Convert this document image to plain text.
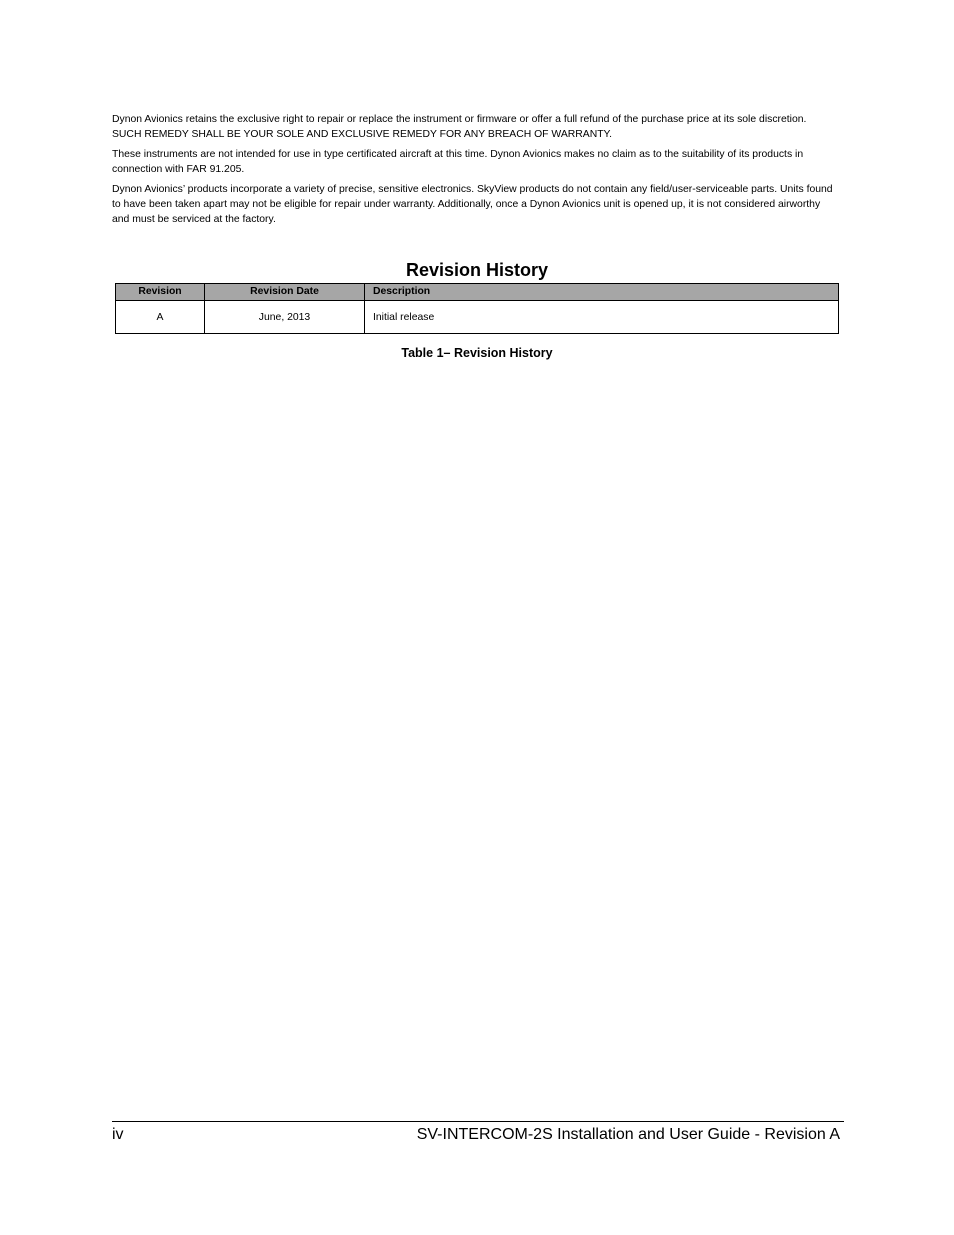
Dynon Avionics retains the exclusive right to repair or replace the instrument or firmware or offer a full refund of the purchase price at its sole discretion. SUCH REMEDY SHALL BE YOUR SOLE AND EXCLUSIVE REMEDY FOR ANY BREACH OF WARRANTY.

These instruments are not intended for use in type certificated aircraft at this time. Dynon Avionics makes no claim as to the suitability of its products in connection with FAR 91.205.

Dynon Avionics’ products incorporate a variety of precise, sensitive electronics. SkyView products do not contain any field/user-serviceable parts. Units found to have been taken apart may not be eligible for repair under warranty. Additionally, once a Dynon Avionics unit is opened up, it is not considered airworthy and must be serviced at the factory.

Revision History
Revision	Revision Date	Description
A	June, 2013	Initial release
Table 1– Revision History
iv	SV-INTERCOM-2S Installation and User Guide - Revision A
